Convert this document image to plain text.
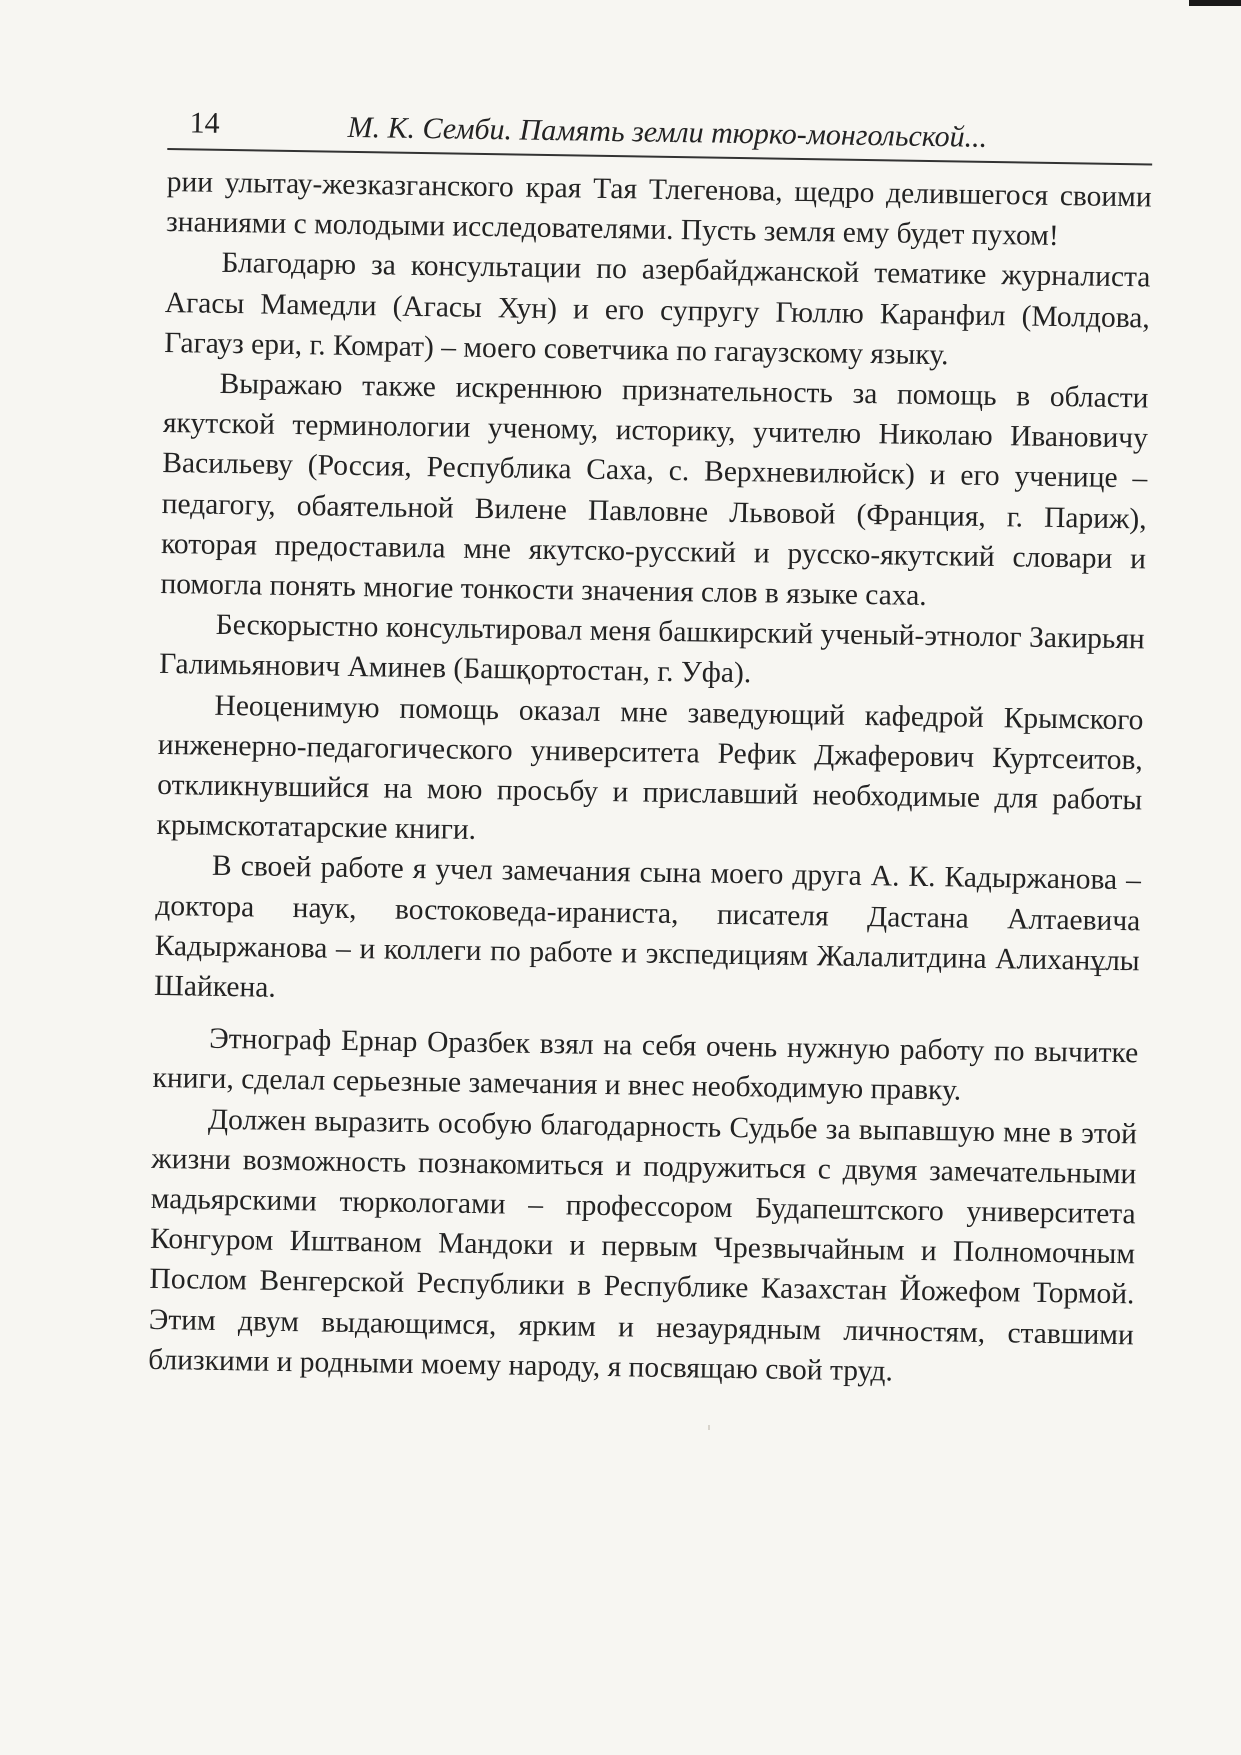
14	М. К. Семби. Память земли тюрко-монгольской...

рии улытау-жезказганского края Тая Тлегенова, щедро делившегося своими знаниями с молодыми исследователями. Пусть земля ему будет пухом!

Благодарю за консультации по азербайджанской тематике журналиста Агасы Мамедли (Агасы Хун) и его супругу Гюллю Каранфил (Молдова, Гагауз ери, г. Комрат) – моего советчика по гагаузскому языку.

Выражаю также искреннюю признательность за помощь в области якутской терминологии ученому, историку, учителю Николаю Ивановичу Васильеву (Россия, Республика Саха, с. Верхневилюйск) и его ученице – педагогу, обаятельной Вилене Павловне Львовой (Франция, г. Париж), которая предоставила мне якутско-русский и русско-якутский словари и помогла понять многие тонкости значения слов в языке саха.

Бескорыстно консультировал меня башкирский ученый-этнолог Закирьян Галимьянович Аминев (Башқортостан, г. Уфа).

Неоценимую помощь оказал мне заведующий кафедрой Крымского инженерно-педагогического университета Рефик Джаферович Куртсеитов, откликнувшийся на мою просьбу и приславший необходимые для работы крымскотатарские книги.

В своей работе я учел замечания сына моего друга А. К. Кадыржанова – доктора наук, востоковеда-ираниста, писателя Дастана Алтаевича Кадыржанова – и коллеги по работе и экспедициям Жалалитдина Алиханұлы Шайкена.

Этнограф Ернар Оразбек взял на себя очень нужную работу по вычитке книги, сделал серьезные замечания и внес необходимую правку.

Должен выразить особую благодарность Судьбе за выпавшую мне в этой жизни возможность познакомиться и подружиться с двумя замечательными мадьярскими тюркологами – профессором Будапештского университета Конгуром Иштваном Мандоки и первым Чрезвычайным и Полномочным Послом Венгерской Республики в Республике Казахстан Йожефом Тормой. Этим двум выдающимся, ярким и незаурядным личностям, ставшими близкими и родными моему народу, я посвящаю свой труд.
